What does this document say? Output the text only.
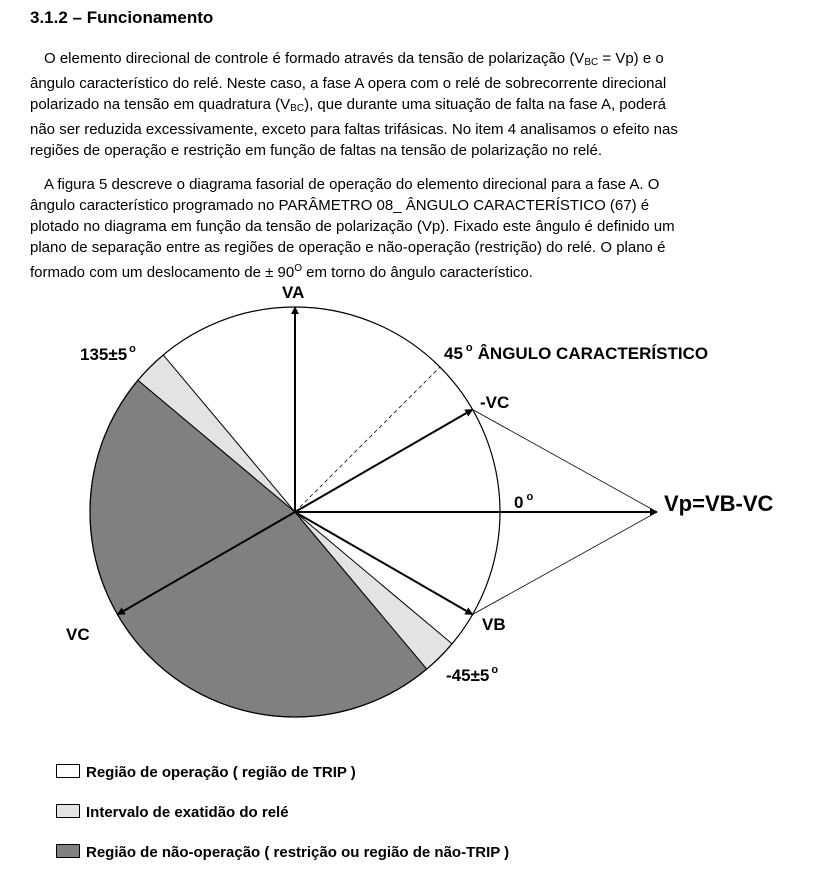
3.1.2 – Funcionamento
O elemento direcional de controle é formado através da tensão de polarização $(V_{BC} = Vp)$ e o
ângulo característico do relé. Neste caso, a fase A opera com o relé de sobrecorrente direcional
polarizado na tensão em quadratura $(V_{BC})$, que durante uma situação de falta na fase A, poderá
não ser reduzida excessivamente, exceto para faltas trifásicas. No item 4 analisamos o efeito nas
regiões de operação e restrição em função de faltas na tensão de polarização no relé.
A figura 5 descreve o diagrama fasorial de operação do elemento direcional para a fase A. O
ângulo característico programado no PARÂMETRO 08_ ÂNGULO CARACTERÍSTICO (67) é
plotado no diagrama em função da tensão de polarização (Vp). Fixado este ângulo é definido um
plano de separação entre as regiões de operação e não-operação (restrição) do relé. O plano é
formado com um deslocamento de ± $90^O$ em torno do ângulo característico.
VA
-VC
VB
VC
Vp=VB-VC
45 $^o$ ÂNGULO CARACTERÍSTICO
0 $^o$
135±5 $^o$
-45±5 $^o$
Região de operação ( região de TRIP )
Intervalo de exatidão do relé
Região de não-operação ( restrição ou região de não-TRIP )
